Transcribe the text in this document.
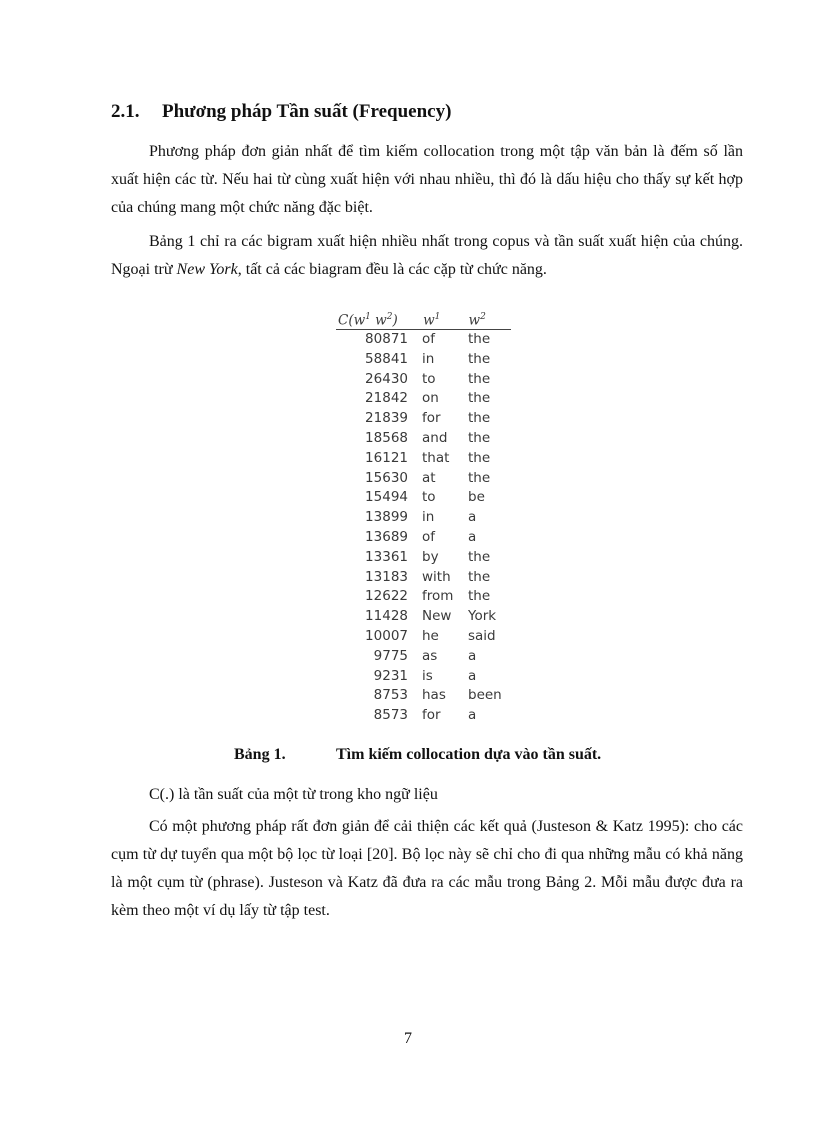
2.1. Phương pháp Tần suất (Frequency)

Phương pháp đơn giản nhất để tìm kiếm collocation trong một tập văn bản là đếm số lần xuất hiện các từ. Nếu hai từ cùng xuất hiện với nhau nhiều, thì đó là dấu hiệu cho thấy sự kết hợp của chúng mang một chức năng đặc biệt.

Bảng 1 chỉ ra các bigram xuất hiện nhiều nhất trong copus và tần suất xuất hiện của chúng. Ngoại trừ New York, tất cả các biagram đều là các cặp từ chức năng.

$C(w^1$ $w^2$)	$w^1$	$w^2$
80871	of	the
58841	in	the
26430	to	the
21842	on	the
21839	for	the
18568	and	the
16121	that	the
15630	at	the
15494	to	be
13899	in	a
13689	of	a
13361	by	the
13183	with	the
12622	from	the
11428	New	York
10007	he	said
9775	as	a
9231	is	a
8753	has	been
8573	for	a
Bảng 1.	Tìm kiếm collocation dựa vào tần suất.

C(.) là tần suất của một từ trong kho ngữ liệu

Có một phương pháp rất đơn giản để cải thiện các kết quả (Justeson & Katz 1995): cho các cụm từ dự tuyển qua một bộ lọc từ loại [20]. Bộ lọc này sẽ chỉ cho đi qua những mẫu có khả năng là một cụm từ (phrase). Justeson và Katz đã đưa ra các mẫu trong Bảng 2. Mỗi mẫu được đưa ra kèm theo một ví dụ lấy từ tập test.

7
